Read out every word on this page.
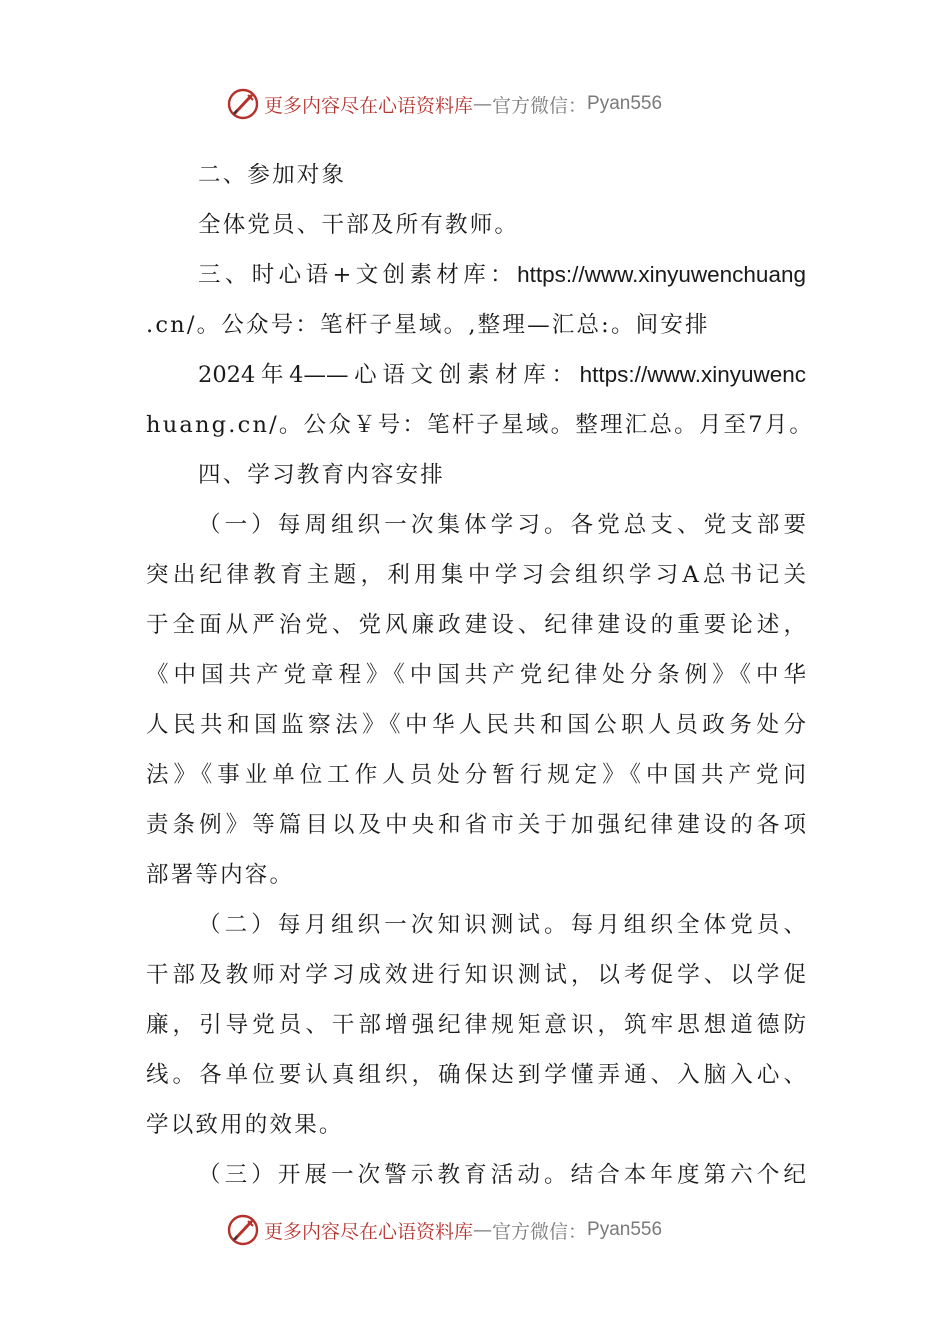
更多内容尽在心语资料库 — 官方微信： Pyan556
二、参加对象
全体党员、干部及所有教师。
三、时心语+文创素材库：https://www.xinyuwenchuang
.cn/。公众号：笔杆子星域。,整理—汇总:。间安排
2024年4——心语文创素材库：https://www.xinyuwenc
huang.cn/。公众￥号：笔杆子星域。整理汇总。月至7月。
四、学习教育内容安排
（一）每周组织一次集体学习。各党总支、党支部要
突出纪律教育主题，利用集中学习会组织学习A总书记关
于全面从严治党、党风廉政建设、纪律建设的重要论述，
《中国共产党章程》《中国共产党纪律处分条例》《中华
人民共和国监察法》《中华人民共和国公职人员政务处分
法》《事业单位工作人员处分暂行规定》《中国共产党问
责条例》等篇目以及中央和省市关于加强纪律建设的各项
部署等内容。
（二）每月组织一次知识测试。每月组织全体党员、
干部及教师对学习成效进行知识测试，以考促学、以学促
廉，引导党员、干部增强纪律规矩意识，筑牢思想道德防
线。各单位要认真组织，确保达到学懂弄通、入脑入心、
学以致用的效果。
（三）开展一次警示教育活动。结合本年度第六个纪
更多内容尽在心语资料库 — 官方微信： Pyan556
